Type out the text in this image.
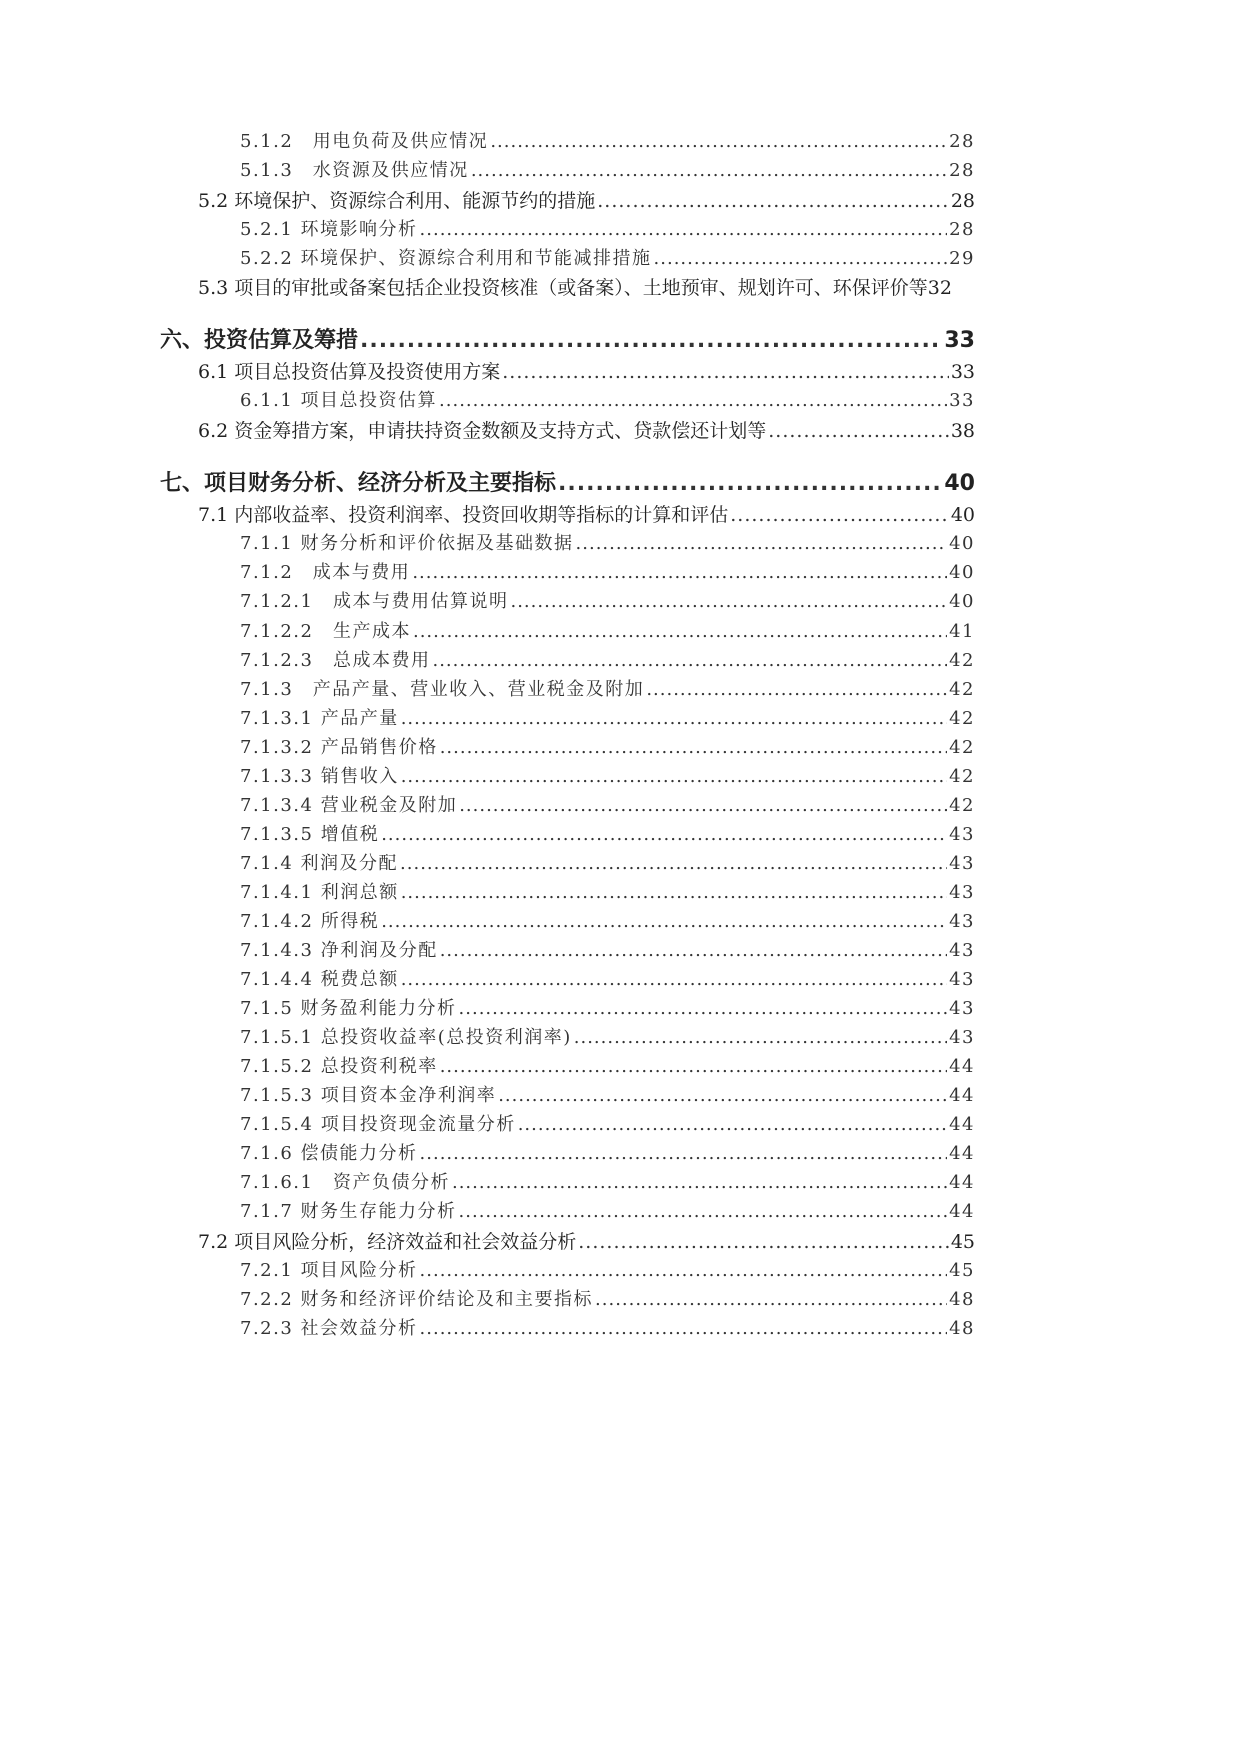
5.1.2　用电负荷及供应情况 .....	28
5.1.3　水资源及供应情况 .....	28
5.2 环境保护、资源综合利用、能源节约的措施 .....	28
5.2.1 环境影响分析 .....	28
5.2.2 环境保护、资源综合利用和节能减排措施 .....	29
5.3 项目的审批或备案包括企业投资核准（或备案）、土地预审、规划许可、环保评价等 32
六、投资估算及筹措 .....	33
6.1 项目总投资估算及投资使用方案 .....	33
6.1.1 项目总投资估算 .....	33
6.2 资金筹措方案，申请扶持资金数额及支持方式、贷款偿还计划等 .....	38
七、项目财务分析、经济分析及主要指标 .....	40
7.1 内部收益率、投资利润率、投资回收期等指标的计算和评估 .....	40
7.1.1 财务分析和评价依据及基础数据 .....	40
7.1.2　成本与费用 .....	40
7.1.2.1　成本与费用估算说明 .....	40
7.1.2.2　生产成本 .....	41
7.1.2.3　总成本费用 .....	42
7.1.3　产品产量、营业收入、营业税金及附加 .....	42
7.1.3.1 产品产量 .....	42
7.1.3.2 产品销售价格 .....	42
7.1.3.3 销售收入 .....	42
7.1.3.4 营业税金及附加 .....	42
7.1.3.5 增值税 .....	43
7.1.4 利润及分配 .....	43
7.1.4.1 利润总额 .....	43
7.1.4.2 所得税 .....	43
7.1.4.3 净利润及分配 .....	43
7.1.4.4 税费总额 .....	43
7.1.5 财务盈利能力分析 .....	43
7.1.5.1 总投资收益率(总投资利润率) .....	43
7.1.5.2 总投资利税率 .....	44
7.1.5.3 项目资本金净利润率 .....	44
7.1.5.4 项目投资现金流量分析 .....	44
7.1.6 偿债能力分析 .....	44
7.1.6.1　资产负债分析 .....	44
7.1.7 财务生存能力分析 .....	44
7.2 项目风险分析，经济效益和社会效益分析 .....	45
7.2.1 项目风险分析 .....	45
7.2.2 财务和经济评价结论及和主要指标 .....	48
7.2.3 社会效益分析 .....	48
